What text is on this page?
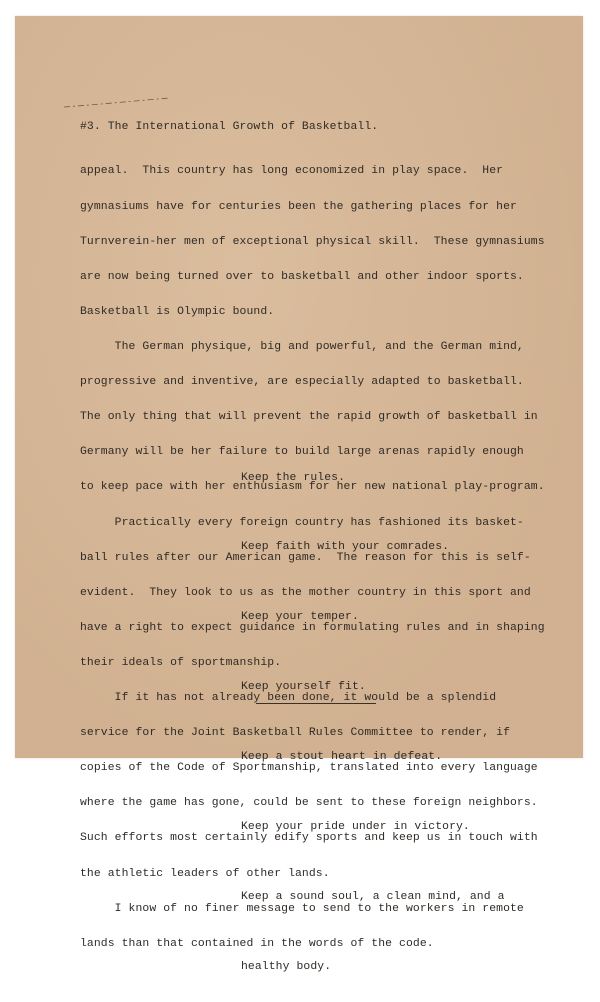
#3. The International Growth of Basketball.

appeal.  This country has long economized in play space.  Her

gymnasiums have for centuries been the gathering places for her

Turnverein-her men of exceptional physical skill.  These gymnasiums

are now being turned over to basketball and other indoor sports.

Basketball is Olympic bound.

The German physique, big and powerful, and the German mind,

progressive and inventive, are especially adapted to basketball.

The only thing that will prevent the rapid growth of basketball in

Germany will be her failure to build large arenas rapidly enough

to keep pace with her enthusiasm for her new national play-program.

Practically every foreign country has fashioned its basket-

ball rules after our American game.  The reason for this is self-

evident.  They look to us as the mother country in this sport and

have a right to expect guidance in formulating rules and in shaping

their ideals of sportmanship.

If it has not already been done, it would be a splendid

service for the Joint Basketball Rules Committee to render, if

copies of the Code of Sportmanship, translated into every language

where the game has gone, could be sent to these foreign neighbors.

Such efforts most certainly edify sports and keep us in touch with

the athletic leaders of other lands.

I know of no finer message to send to the workers in remote

lands than that contained in the words of the code.

Keep the rules.

Keep faith with your comrades.

Keep your temper.

Keep yourself fit.

Keep a stout heart in defeat.

Keep your pride under in victory.

Keep a sound soul, a clean mind, and a

healthy body.
